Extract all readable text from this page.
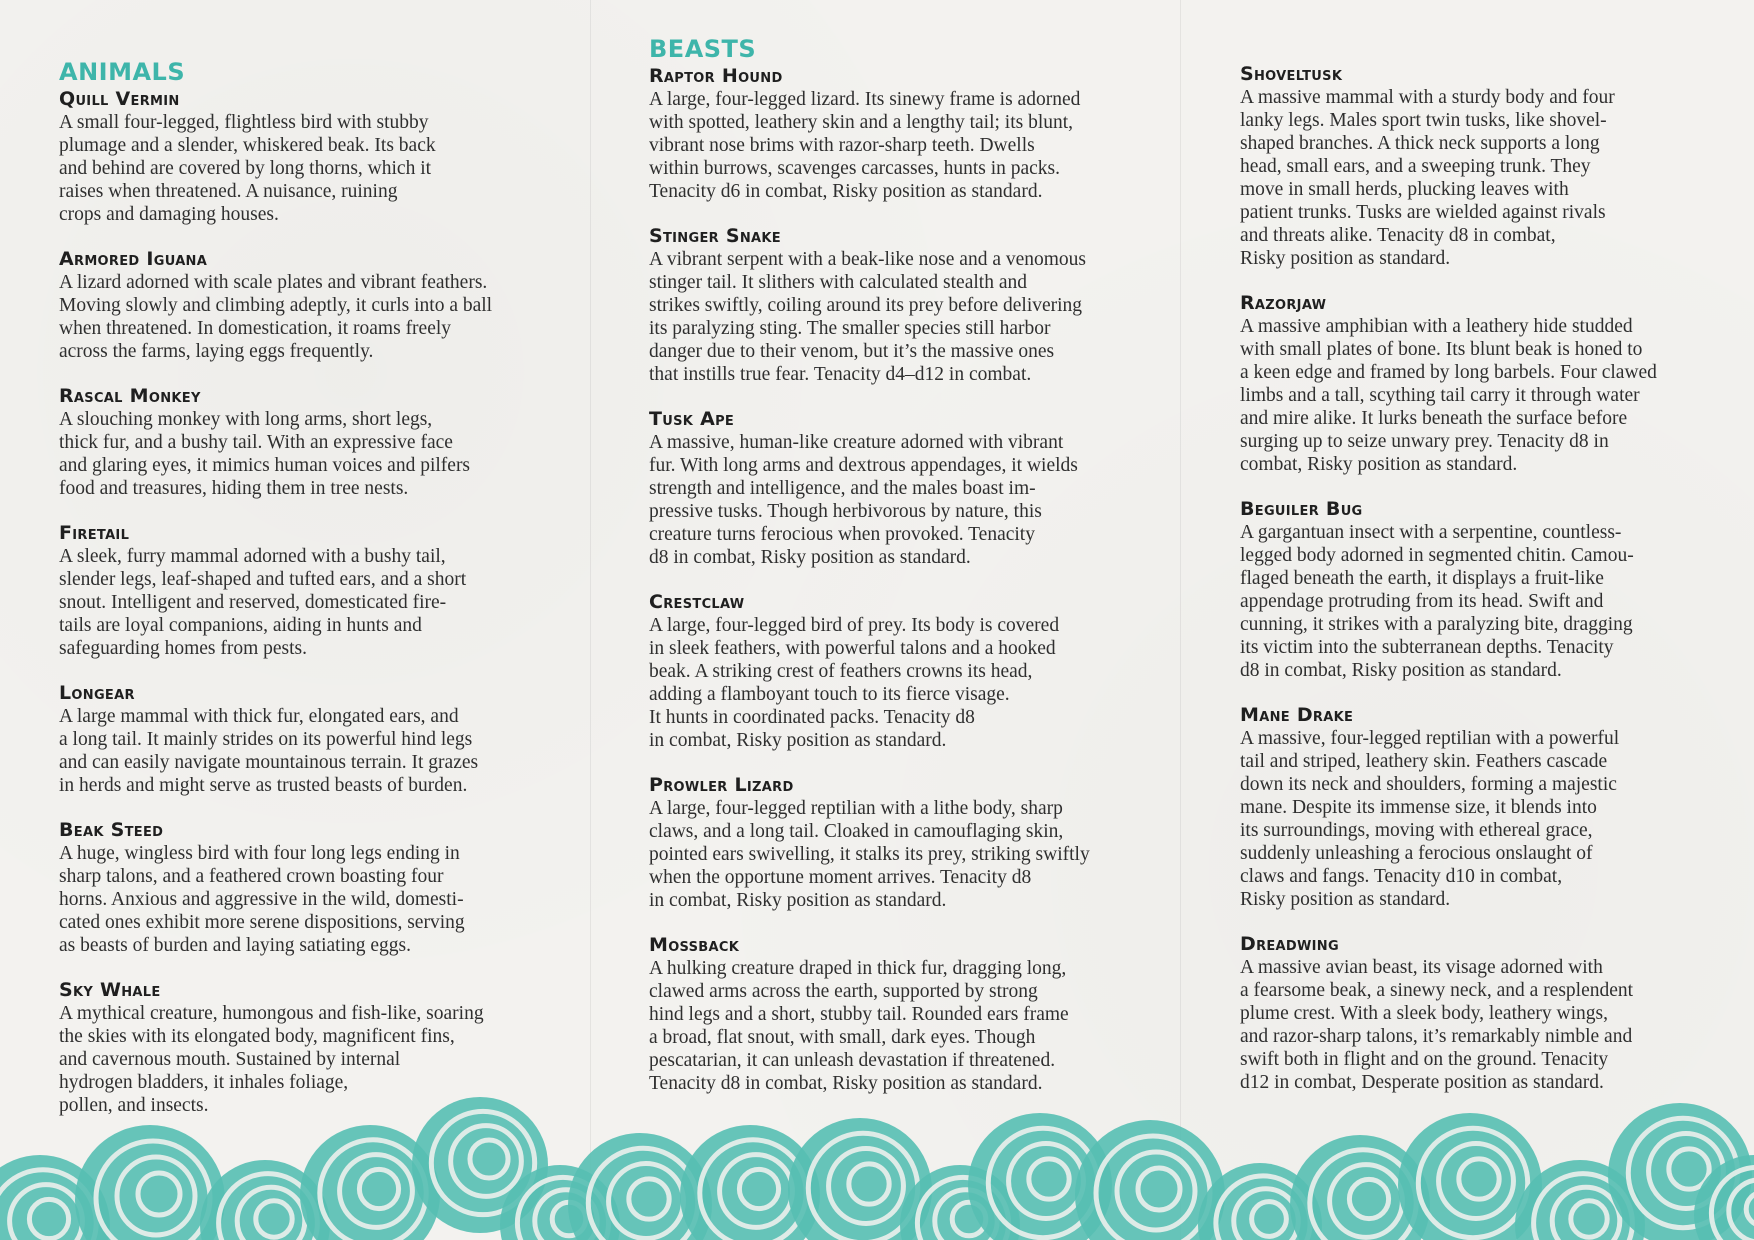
ANIMALS
Quill Vermin

A small four-legged, flightless bird with stubby
plumage and a slender, whiskered beak. Its back
and behind are covered by long thorns, which it
raises when threatened. A nuisance, ruining
crops and damaging houses.

Armored Iguana

A lizard adorned with scale plates and vibrant feathers.
Moving slowly and climbing adeptly, it curls into a ball
when threatened. In domestication, it roams freely
across the farms, laying eggs frequently.

Rascal Monkey

A slouching monkey with long arms, short legs,
thick fur, and a bushy tail. With an expressive face
and glaring eyes, it mimics human voices and pilfers
food and treasures, hiding them in tree nests.

Firetail

A sleek, furry mammal adorned with a bushy tail,
slender legs, leaf-shaped and tufted ears, and a short
snout. Intelligent and reserved, domesticated fire-
tails are loyal companions, aiding in hunts and
safeguarding homes from pests.

Longear

A large mammal with thick fur, elongated ears, and
a long tail. It mainly strides on its powerful hind legs
and can easily navigate mountainous terrain. It grazes
in herds and might serve as trusted beasts of burden.

Beak Steed

A huge, wingless bird with four long legs ending in
sharp talons, and a feathered crown boasting four
horns. Anxious and aggressive in the wild, domesti-
cated ones exhibit more serene dispositions, serving
as beasts of burden and laying satiating eggs.

Sky Whale

A mythical creature, humongous and fish-like, soaring
the skies with its elongated body, magnificent fins,
and cavernous mouth. Sustained by internal
hydrogen bladders, it inhales foliage,
pollen, and insects.

BEASTS
Raptor Hound

A large, four-legged lizard. Its sinewy frame is adorned
with spotted, leathery skin and a lengthy tail; its blunt,
vibrant nose brims with razor-sharp teeth. Dwells
within burrows, scavenges carcasses, hunts in packs.
Tenacity d6 in combat, Risky position as standard.

Stinger Snake

A vibrant serpent with a beak-like nose and a venomous
stinger tail. It slithers with calculated stealth and
strikes swiftly, coiling around its prey before delivering
its paralyzing sting. The smaller species still harbor
danger due to their venom, but it’s the massive ones
that instills true fear. Tenacity d4–d12 in combat.

Tusk Ape

A massive, human-like creature adorned with vibrant
fur. With long arms and dextrous appendages, it wields
strength and intelligence, and the males boast im-
pressive tusks. Though herbivorous by nature, this
creature turns ferocious when provoked. Tenacity
d8 in combat, Risky position as standard.

Crestclaw

A large, four-legged bird of prey. Its body is covered
in sleek feathers, with powerful talons and a hooked
beak. A striking crest of feathers crowns its head,
adding a flamboyant touch to its fierce visage.
It hunts in coordinated packs. Tenacity d8
in combat, Risky position as standard.

Prowler Lizard

A large, four-legged reptilian with a lithe body, sharp
claws, and a long tail. Cloaked in camouflaging skin,
pointed ears swivelling, it stalks its prey, striking swiftly
when the opportune moment arrives. Tenacity d8
in combat, Risky position as standard.

Mossback

A hulking creature draped in thick fur, dragging long,
clawed arms across the earth, supported by strong
hind legs and a short, stubby tail. Rounded ears frame
a broad, flat snout, with small, dark eyes. Though
pescatarian, it can unleash devastation if threatened.
Tenacity d8 in combat, Risky position as standard.

Shoveltusk

A massive mammal with a sturdy body and four
lanky legs. Males sport twin tusks, like shovel-
shaped branches. A thick neck supports a long
head, small ears, and a sweeping trunk. They
move in small herds, plucking leaves with
patient trunks. Tusks are wielded against rivals
and threats alike. Tenacity d8 in combat,
Risky position as standard.

Razorjaw

A massive amphibian with a leathery hide studded
with small plates of bone. Its blunt beak is honed to
a keen edge and framed by long barbels. Four clawed
limbs and a tall, scything tail carry it through water
and mire alike. It lurks beneath the surface before
surging up to seize unwary prey. Tenacity d8 in
combat, Risky position as standard.

Beguiler Bug

A gargantuan insect with a serpentine, countless-
legged body adorned in segmented chitin. Camou-
flaged beneath the earth, it displays a fruit-like
appendage protruding from its head. Swift and
cunning, it strikes with a paralyzing bite, dragging
its victim into the subterranean depths. Tenacity
d8 in combat, Risky position as standard.

Mane Drake

A massive, four-legged reptilian with a powerful
tail and striped, leathery skin. Feathers cascade
down its neck and shoulders, forming a majestic
mane. Despite its immense size, it blends into
its surroundings, moving with ethereal grace,
suddenly unleashing a ferocious onslaught of
claws and fangs. Tenacity d10 in combat,
Risky position as standard.

Dreadwing

A massive avian beast, its visage adorned with
a fearsome beak, a sinewy neck, and a resplendent
plume crest. With a sleek body, leathery wings,
and razor-sharp talons, it’s remarkably nimble and
swift both in flight and on the ground. Tenacity
d12 in combat, Desperate position as standard.
